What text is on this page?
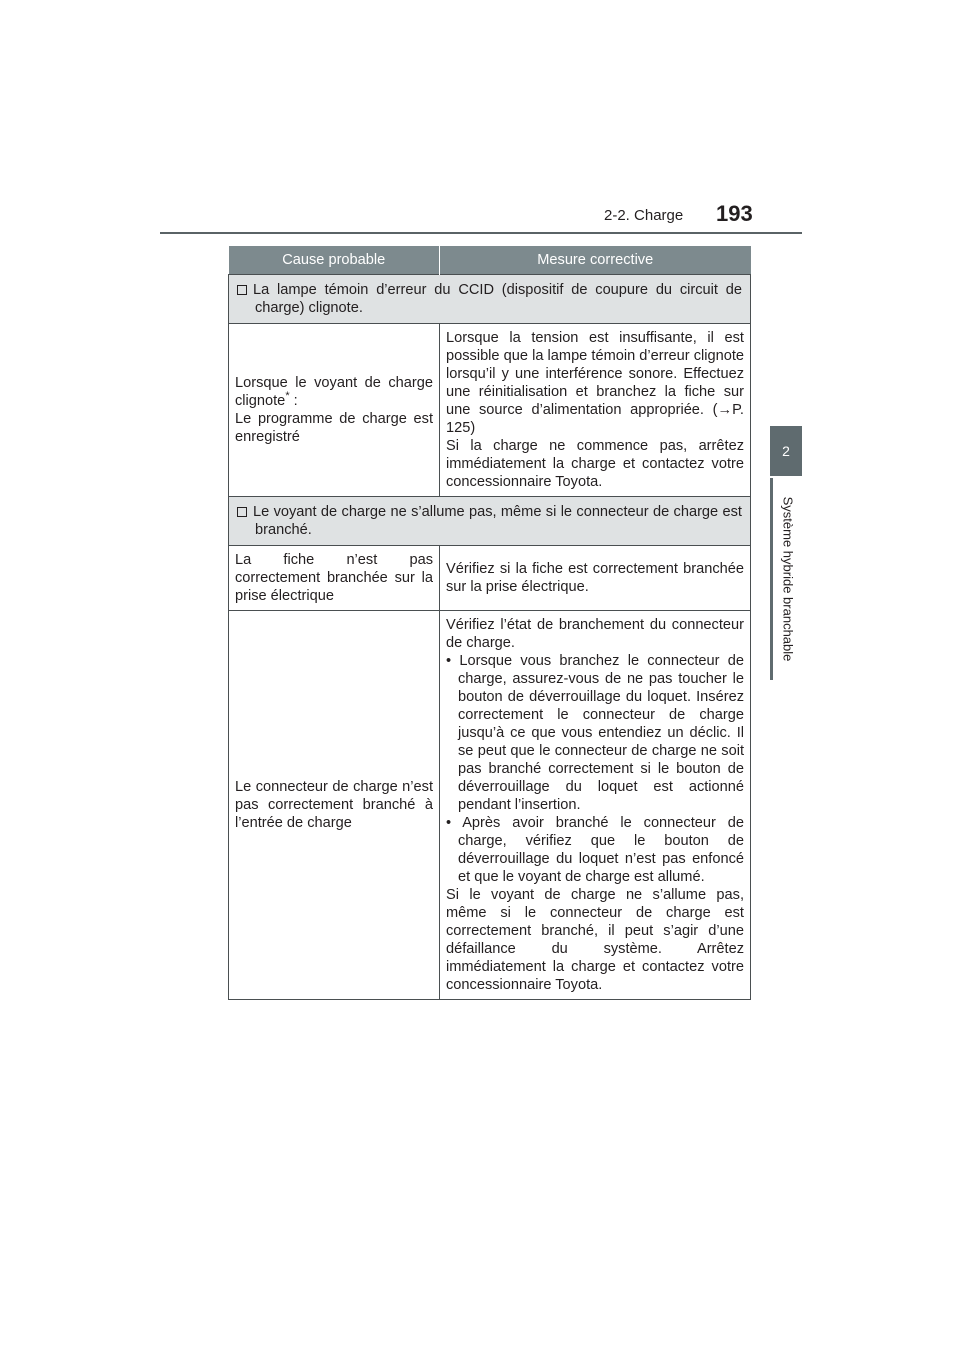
2-2. Charge 193
2
Système hybride branchable
Cause probable	Mesure corrective

La lampe témoin d’erreur du CCID (dispositif de coupure du circuit de charge) clignote.	

Lorsque le voyant de charge clignote* :
Le programme de charge est enregistré	Lorsque la tension est insuffisante, il est possible que la lampe témoin d’erreur clignote lorsqu’il y une interférence sonore. Effectuez une réinitialisation et branchez la fiche sur une source d’alimentation appropriée. (→P. 125)
Si la charge ne commence pas, arrêtez immédiatement la charge et contactez votre concessionnaire Toyota.

Le voyant de charge ne s’allume pas, même si le connecteur de charge est branché.	

La fiche n’est pas correctement branchée sur la prise électrique	Vérifiez si la fiche est correctement branchée sur la prise électrique.
Le connecteur de charge n’est pas correctement branché à l’entrée de charge	Vérifiez l’état de branchement du connecteur de charge.
• Lorsque vous branchez le connecteur de charge, assurez-vous de ne pas toucher le bouton de déverrouillage du loquet. Insérez correctement le connecteur de charge jusqu’à ce que vous entendiez un déclic. Il se peut que le connecteur de charge ne soit pas branché correctement si le bouton de déverrouillage du loquet est actionné pendant l’insertion.
• Après avoir branché le connecteur de charge, vérifiez que le bouton de déverrouillage du loquet n’est pas enfoncé et que le voyant de charge est allumé.
Si le voyant de charge ne s’allume pas, même si le connecteur de charge est correctement branché, il peut s’agir d’une défaillance du système. Arrêtez immédiatement la charge et contactez votre concessionnaire Toyota.
